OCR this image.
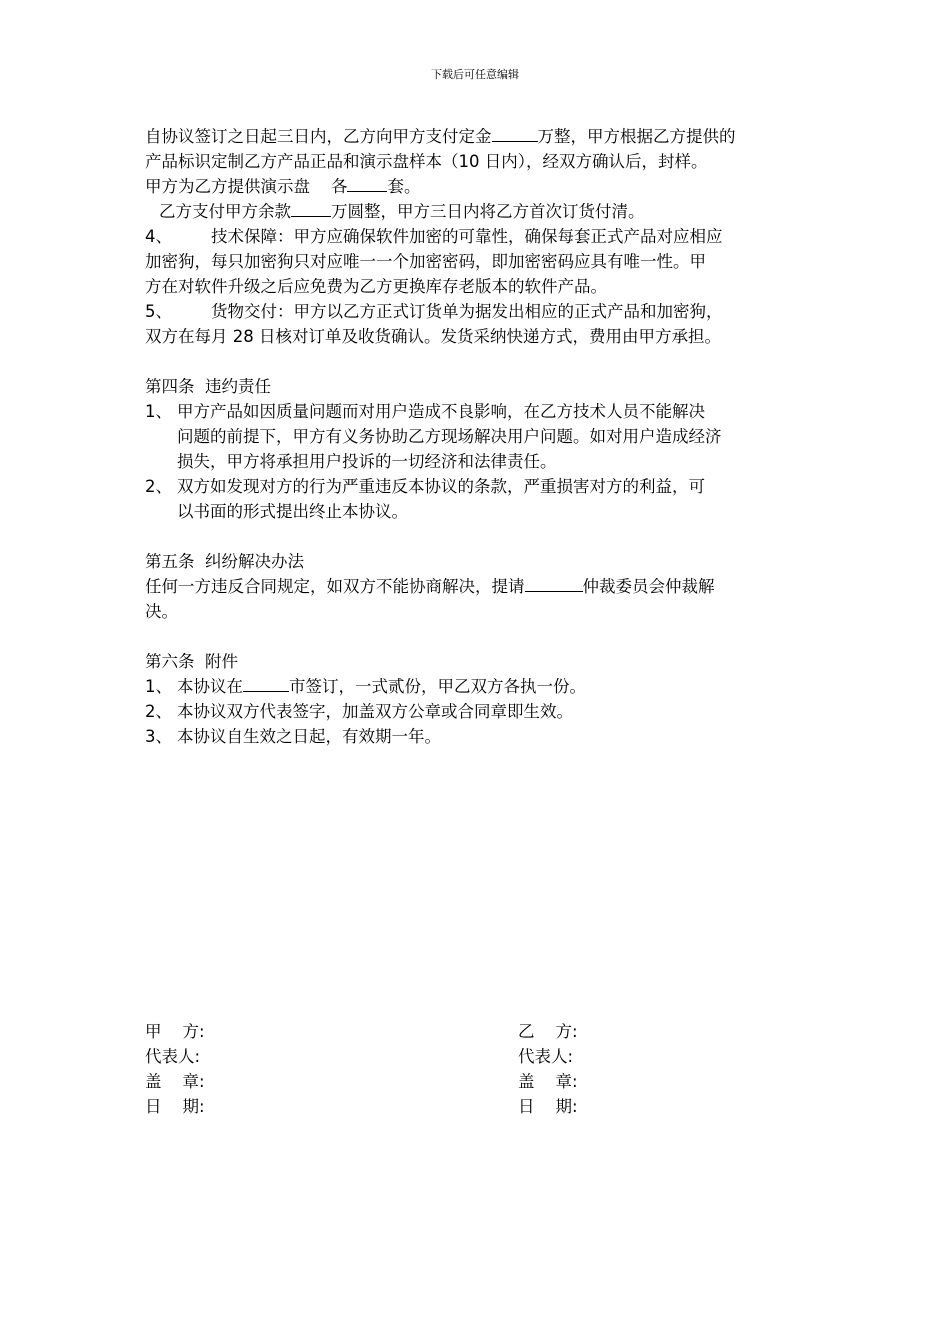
下载后可任意编辑
自协议签订之日起三日内，乙方向甲方支付定金	万整，甲方根据乙方提供的
产品标识定制乙方产品正品和演示盘样本（10 日内），经双方确认后，封样。
甲方为乙方提供演示盘    各 套。
乙方支付甲方余款 万圆整，甲方三日内将乙方首次订货付清。
4、 技术保障：甲方应确保软件加密的可靠性，确保每套正式产品对应相应
加密狗，每只加密狗只对应唯一一个加密密码，即加密密码应具有唯一性。甲
方在对软件升级之后应免费为乙方更换库存老版本的软件产品。
5、 货物交付：甲方以乙方正式订货单为据发出相应的正式产品和加密狗，
双方在每月 28 日核对订单及收货确认。发货采纳快递方式，费用由甲方承担。
第四条  违约责任
1、 甲方产品如因质量问题而对用户造成不良影响，在乙方技术人员不能解决
问题的前提下，甲方有义务协助乙方现场解决用户问题。如对用户造成经济
损失，甲方将承担用户投诉的一切经济和法律责任。
2、 双方如发现对方的行为严重违反本协议的条款，严重损害对方的利益，可
以书面的形式提出终止本协议。
第五条  纠纷解决办法
任何一方违反合同规定，如双方不能协商解决，提请	仲裁委员会仲裁解
决。
第六条  附件
1、 本协议在	市签订，一式贰份，甲乙双方各执一份。
2、 本协议双方代表签字，加盖双方公章或合同章即生效。
3、 本协议自生效之日起，有效期一年。
甲    方:	乙    方:
代表人:	代表人:
盖    章:	盖    章:
日    期:	日    期:
